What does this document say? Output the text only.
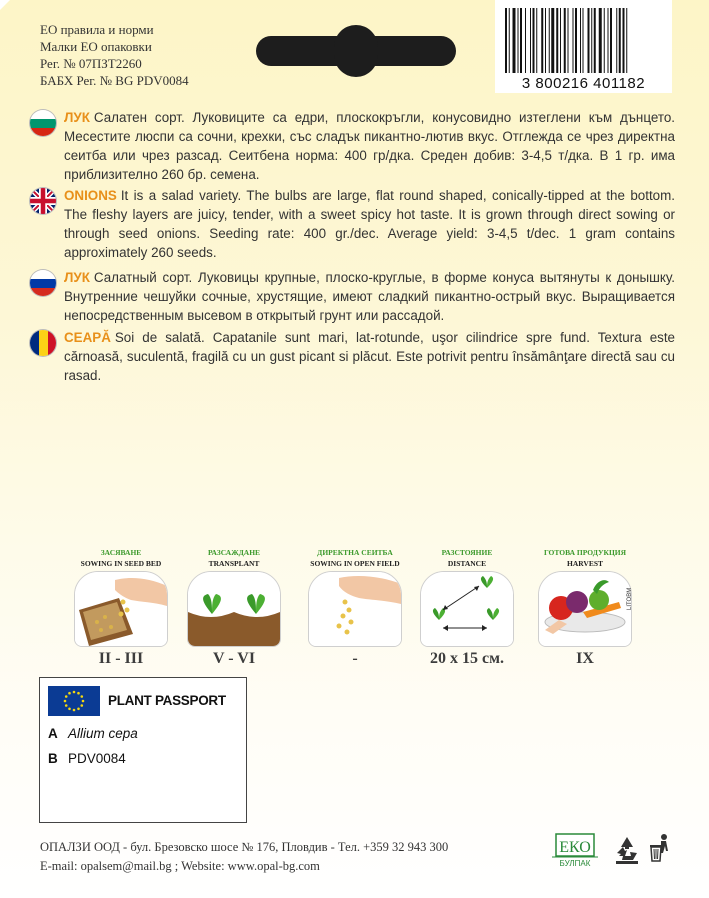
ЕО правила и норми
Малки ЕО опаковки
Рег. № 07ПЗТ2260
БАБХ Рег. № BG PDV0084	3 800216 401182
ЛУК Салатен сорт. Луковиците са едри, плоскокръгли, конусовидно изтеглени към дънцето. Месестите люспи са сочни, крехки, със сладък пикантно-лютив вкус. Отглежда се чрез директна сеитба или чрез разсад. Сеитбена норма: 400 гр/дка. Среден добив: 3-4,5 т/дка. В 1 гр. има приблизително 260 бр. семена.
ONIONS It is a salad variety. The bulbs are large, flat round shaped, conically-tipped at the bottom. The fleshy layers are juicy, tender, with a sweet spicy hot taste. It is grown through direct sowing or through seed onions. Seeding rate: 400 gr./dec. Average yield: 3-4,5 t/dec. 1 gram contains approximately 260 seeds.
ЛУК Салатный сорт. Луковицы крупные, плоско-круглые, в форме конуса вытянуты к донышку. Внутренние чешуйки сочные, хрустящие, имеют сладкий пикантно-острый вкус. Выращивается непосредственным высевом в открытый грунт или рассадой.
CEAPĂ Soi de salată. Capatanile sunt mari, lat-rotunde, uşor cilindrice spre fund. Textura este cărnoasă, suculentă, fragilă cu un gust picant si plăcut. Este potrivit pentru însămânţare directă sau cu rasad.
ЗАСЯВАНЕ
SOWING IN SEED BED
II - III
РАЗСАЖДАНЕ
TRANSPLANT
V - VI
ДИРЕКТНА СЕИТБА
SOWING IN OPEN FIELD
-
РАЗСТОЯНИЕ
DISTANCE
20 x 15 см.
ГОТОВА ПРОДУКЦИЯ
HARVEST
IX
LITOBM
PLANT PASSPORT
A Allium cepa
B PDV0084
ОПАЛЗИ ООД - бул. Брезовско шосе № 176, Пловдив - Тел. +359 32 943 300
E-mail: opalsem@mail.bg ; Website: www.opal-bg.com
ЕКО
БУЛПАК
